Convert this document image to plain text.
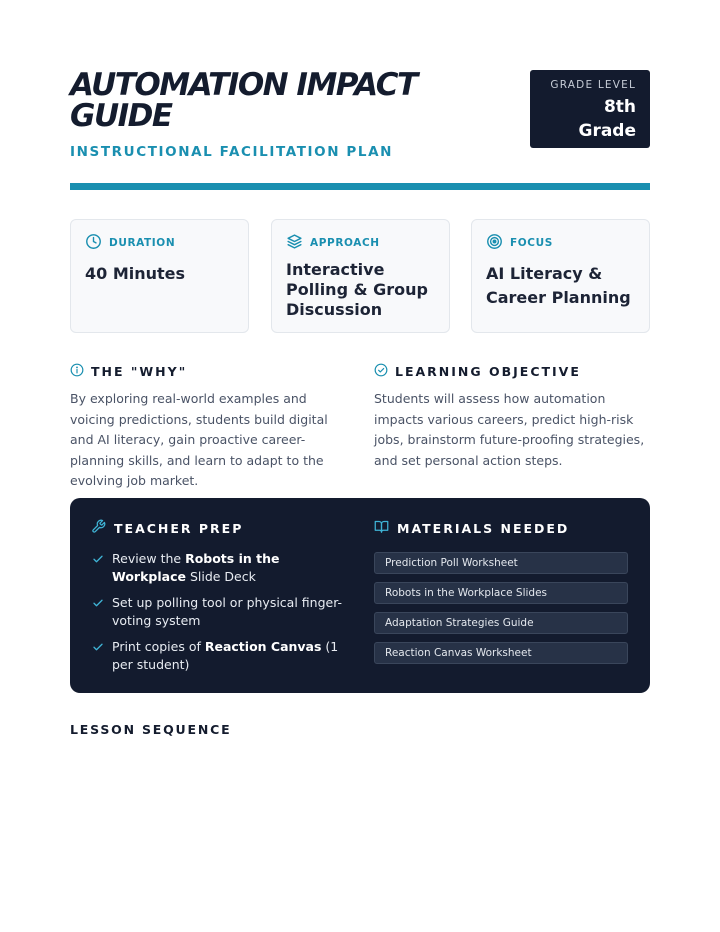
AUTOMATION IMPACT GUIDE
INSTRUCTIONAL FACILITATION PLAN
GRADE LEVEL
8th
Grade
DURATION
40 Minutes
APPROACH
Interactive Polling & Group Discussion
FOCUS
AI Literacy & Career Planning
THE "WHY"

By exploring real-world examples and voicing predictions, students build digital and AI literacy, gain proactive career-planning skills, and learn to adapt to the evolving job market.

LEARNING OBJECTIVE

Students will assess how automation impacts various careers, predict high-risk jobs, brainstorm future-proofing strategies, and set personal action steps.

TEACHER PREP
Review the Robots in the Workplace Slide Deck
Set up polling tool or physical finger-voting system
Print copies of Reaction Canvas (1 per student)
MATERIALS NEEDED
Prediction Poll Worksheet
Robots in the Workplace Slides
Adaptation Strategies Guide
Reaction Canvas Worksheet
LESSON SEQUENCE
